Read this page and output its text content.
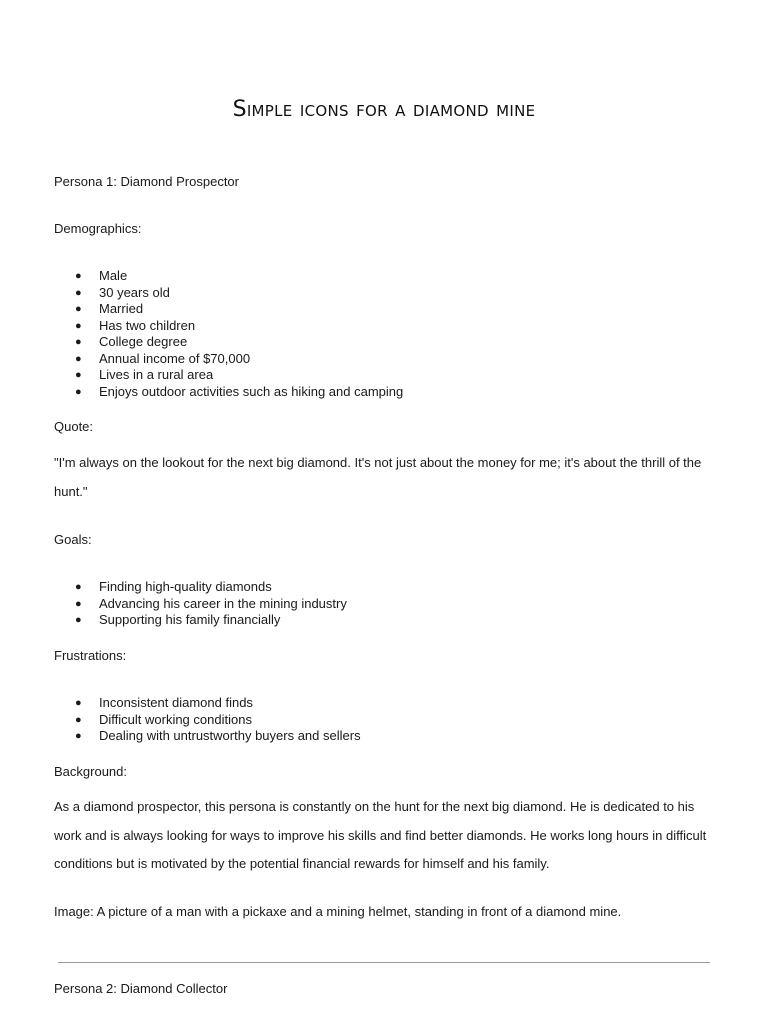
Simple icons for a diamond mine

Persona 1: Diamond Prospector

Demographics:

● Male
● 30 years old
● Married
● Has two children
● College degree
● Annual income of $70,000
● Lives in a rural area
● Enjoys outdoor activities such as hiking and camping

Quote:

"I'm always on the lookout for the next big diamond. It's not just about the money for me; it's about the thrill of the hunt."

Goals:

● Finding high-quality diamonds
● Advancing his career in the mining industry
● Supporting his family financially

Frustrations:

● Inconsistent diamond finds
● Difficult working conditions
● Dealing with untrustworthy buyers and sellers

Background:

As a diamond prospector, this persona is constantly on the hunt for the next big diamond. He is dedicated to his work and is always looking for ways to improve his skills and find better diamonds. He works long hours in difficult conditions but is motivated by the potential financial rewards for himself and his family.

Image: A picture of a man with a pickaxe and a mining helmet, standing in front of a diamond mine.

Persona 2: Diamond Collector
